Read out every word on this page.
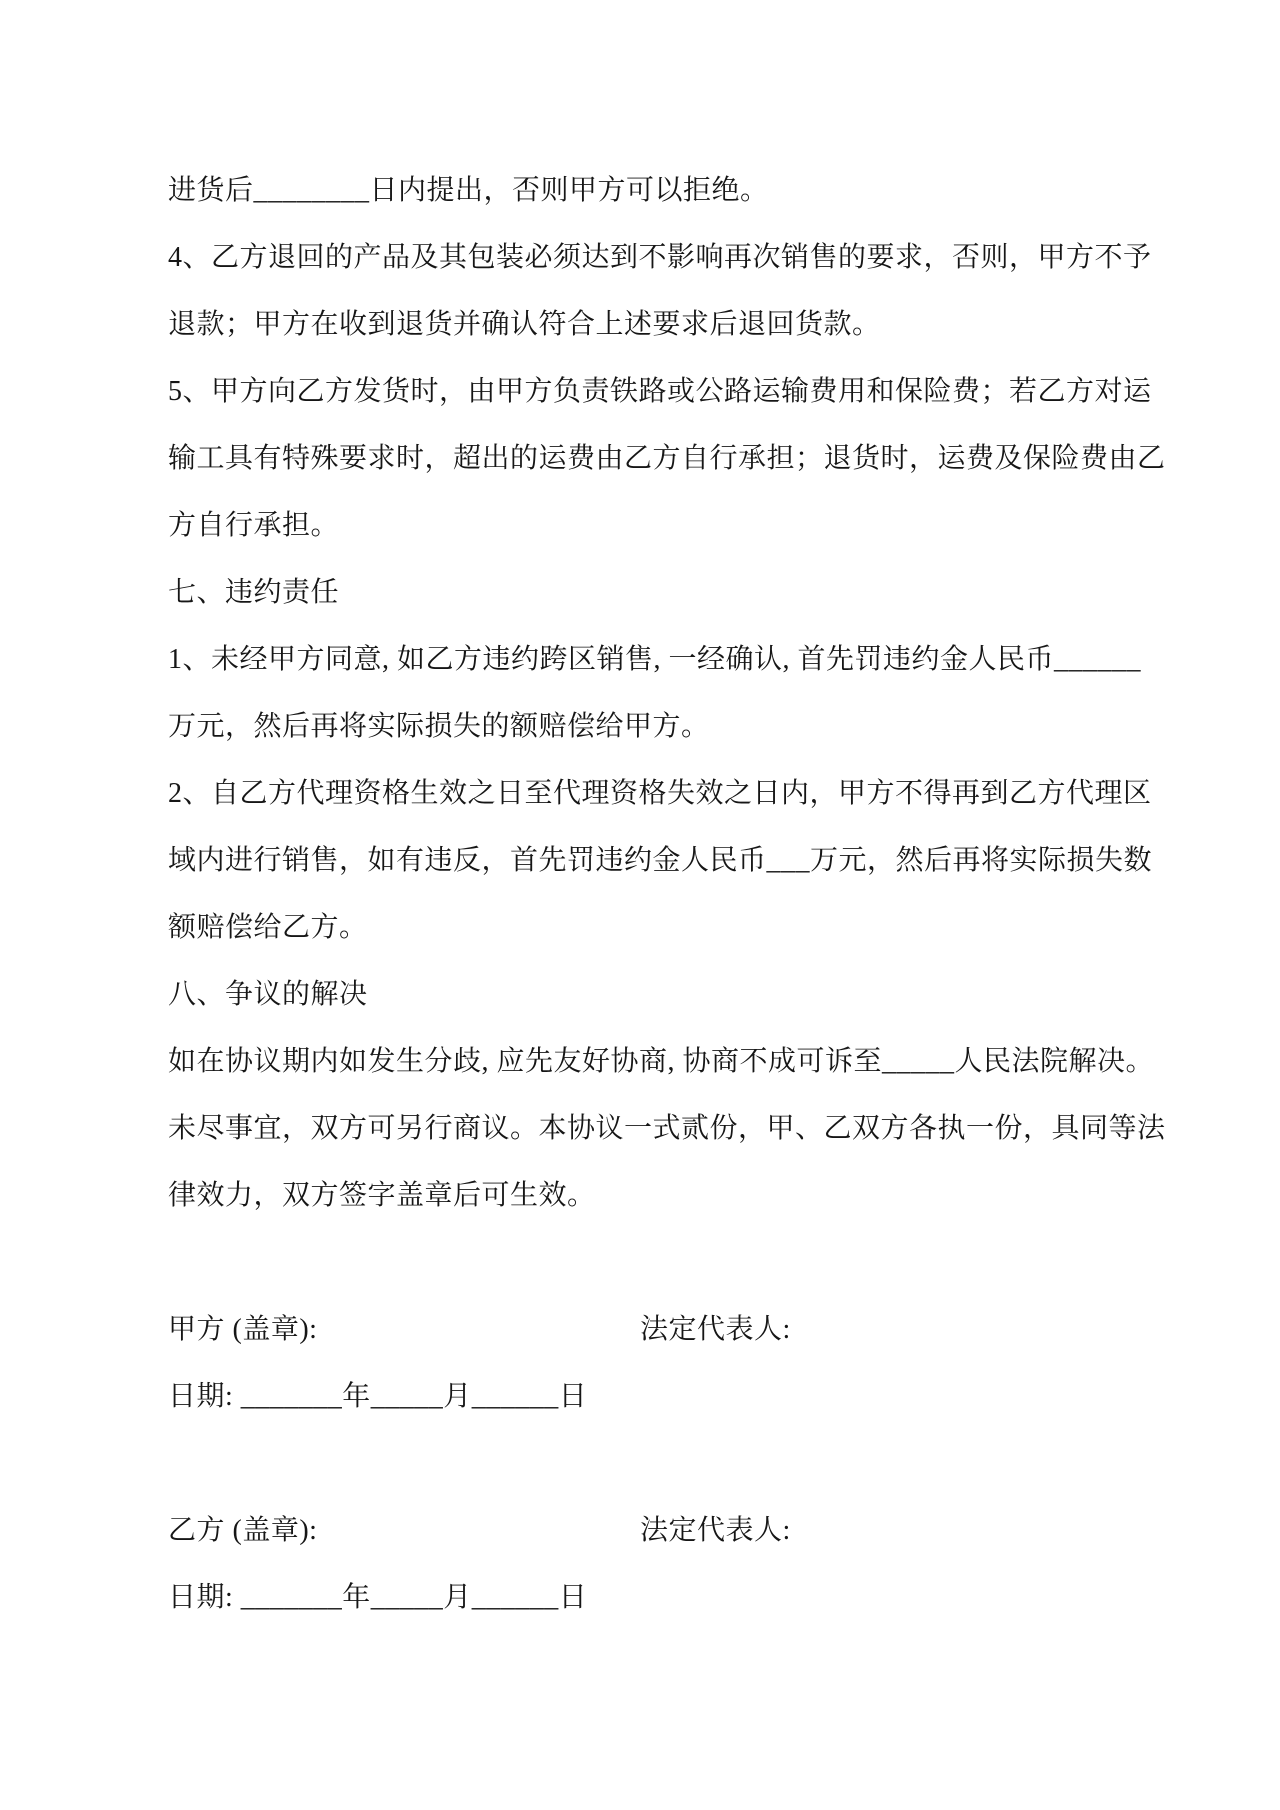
进货后________日内提出，否则甲方可以拒绝。
4、乙方退回的产品及其包装必须达到不影响再次销售的要求，否则，甲方不予
退款；甲方在收到退货并确认符合上述要求后退回货款。
5、甲方向乙方发货时，由甲方负责铁路或公路运输费用和保险费；若乙方对运
输工具有特殊要求时，超出的运费由乙方自行承担；退货时，运费及保险费由乙
方自行承担。
七、违约责任
1、未经甲方同意, 如乙方违约跨区销售, 一经确认, 首先罚违约金人民币______
万元，然后再将实际损失的额赔偿给甲方。
2、自乙方代理资格生效之日至代理资格失效之日内，甲方不得再到乙方代理区
域内进行销售，如有违反，首先罚违约金人民币___万元，然后再将实际损失数
额赔偿给乙方。
八、争议的解决
如在协议期内如发生分歧, 应先友好协商, 协商不成可诉至_____人民法院解决。
未尽事宜，双方可另行商议。本协议一式贰份，甲、乙双方各执一份，具同等法
律效力，双方签字盖章后可生效。
甲方 (盖章):	法定代表人:
日期: _______年_____月______日
乙方 (盖章):	法定代表人:
日期: _______年_____月______日
